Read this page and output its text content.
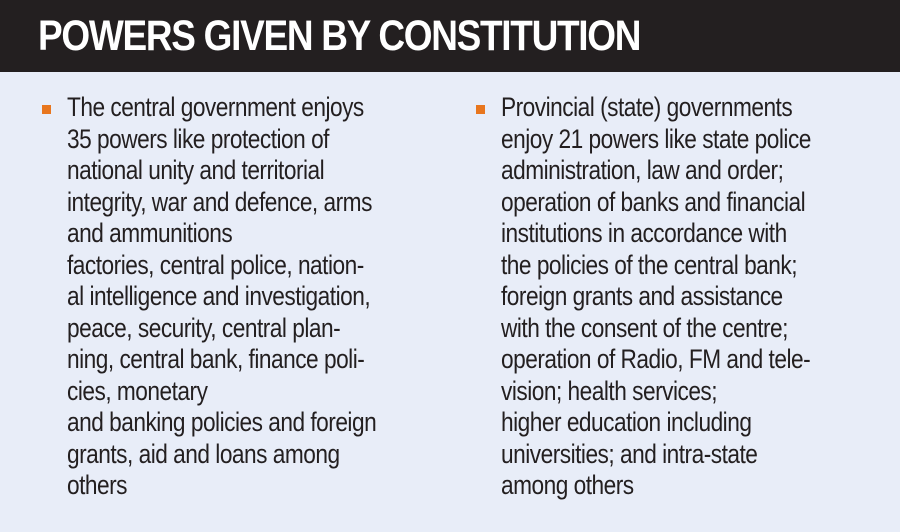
POWERS GIVEN BY CONSTITUTION
The central government enjoys
35 powers like protection of
national unity and territorial
integrity, war and defence, arms
and ammunitions
factories, central police, nation-
al intelligence and investigation,
peace, security, central plan-
ning, central bank, finance poli-
cies, monetary
and banking policies and foreign
grants, aid and loans among
others
Provincial (state) governments
enjoy 21 powers like state police
administration, law and order;
operation of banks and financial
institutions in accordance with
the policies of the central bank;
foreign grants and assistance
with the consent of the centre;
operation of Radio, FM and tele-
vision; health services;
higher education including
universities; and intra-state
among others
